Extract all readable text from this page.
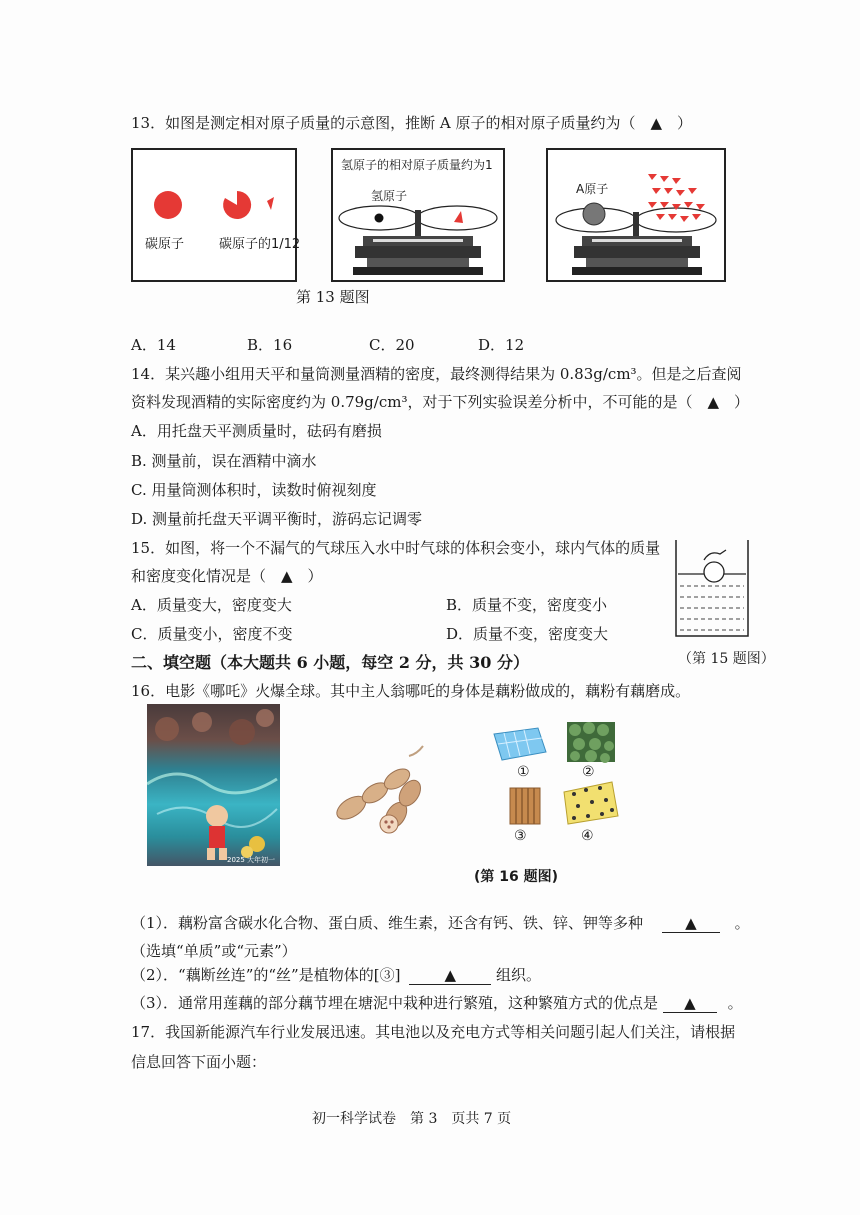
13．如图是测定相对原子质量的示意图，推断 A 原子的相对原子质量约为（　▲　）
碳原子	碳原子的1/12
氢原子的相对原子质量约为1
氢原子	A原子
第 13 题图
A．14	B．16	C．20	D．12
14．某兴趣小组用天平和量筒测量酒精的密度，最终测得结果为 0.83g/cm³。但是之后查阅
资料发现酒精的实际密度约为 0.79g/cm³，对于下列实验误差分析中，不可能的是（　▲　）
A．用托盘天平测质量时，砝码有磨损
B. 测量前，误在酒精中滴水
C. 用量筒测体积时，读数时俯视刻度
D. 测量前托盘天平调平衡时，游码忘记调零
15．如图，将一个不漏气的气球压入水中时气球的体积会变小，球内气体的质量
和密度变化情况是（　▲　）
A．质量变大，密度变大	B．质量不变，密度变小
C．质量变小，密度不变	D．质量不变，密度变大
（第 15 题图）
二、填空题（本大题共 6 小题，每空 2 分，共 30 分）
16．电影《哪吒》火爆全球。其中主人翁哪吒的身体是藕粉做成的，藕粉有藕磨成。
2025 大年初一
①	②
③	④
(第 16 题图)
（1）．藕粉富含碳水化合物、蛋白质、维生素，还含有钙、铁、锌、钾等多种	▲	。
（选填“单质”或“元素”）
（2）．“藕断丝连”的“丝”是植物体的[③]	▲	组织。
（3）．通常用莲藕的部分藕节埋在塘泥中栽种进行繁殖，这种繁殖方式的优点是 ▲ 。
17．我国新能源汽车行业发展迅速。其电池以及充电方式等相关问题引起人们关注，请根据
信息回答下面小题：
初一科学试卷　第 3　页共 7 页
